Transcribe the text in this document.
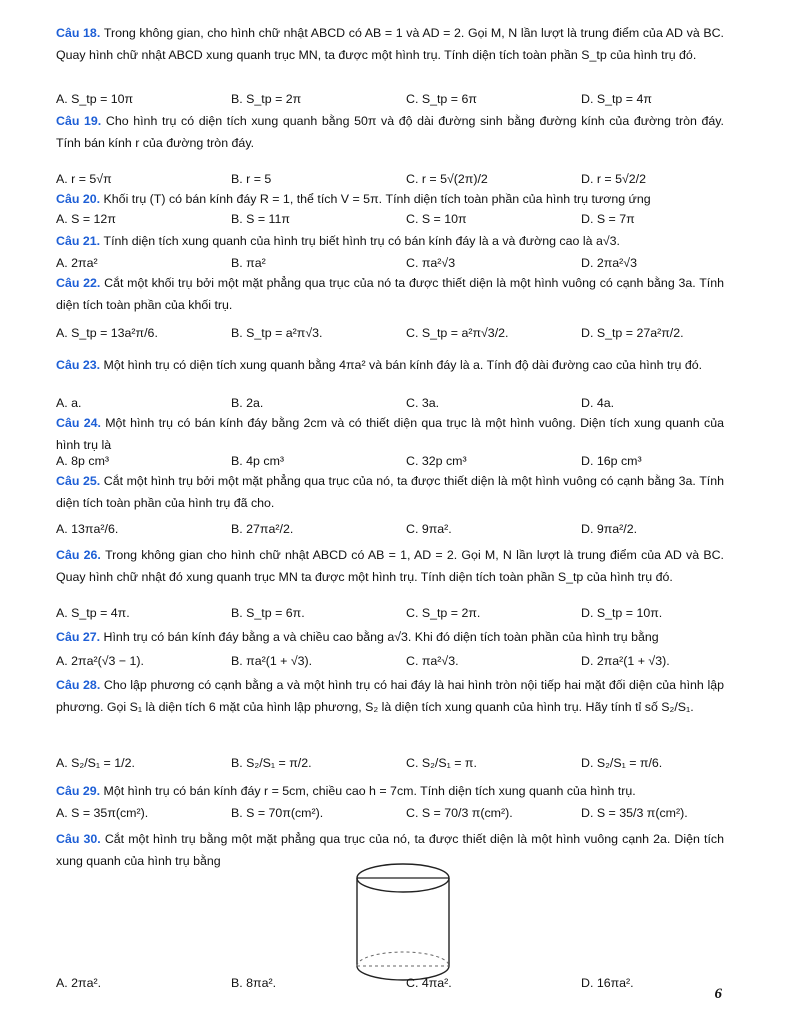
Câu 18. Trong không gian, cho hình chữ nhật ABCD có AB = 1 và AD = 2. Gọi M, N lần lượt là trung điểm của AD và BC. Quay hình chữ nhật ABCD xung quanh trục MN, ta được một hình trụ. Tính diện tích toàn phần S_tp của hình trụ đó.
A. S_tp = 10π	B. S_tp = 2π	C. S_tp = 6π	D. S_tp = 4π
Câu 19. Cho hình trụ có diện tích xung quanh bằng 50π và độ dài đường sinh bằng đường kính của đường tròn đáy. Tính bán kính r của đường tròn đáy.
A. r = 5√π	B. r = 5	C. r = 5√(2π)/2	D. r = 5√2/2
Câu 20. Khối trụ (T) có bán kính đáy R = 1, thể tích V = 5π. Tính diện tích toàn phần của hình trụ tương ứng
A. S = 12π	B. S = 11π	C. S = 10π	D. S = 7π
Câu 21. Tính diện tích xung quanh của hình trụ biết hình trụ có bán kính đáy là a và đường cao là a√3.
A. 2πa²	B. πa²	C. πa²√3	D. 2πa²√3
Câu 22. Cắt một khối trụ bởi một mặt phẳng qua trục của nó ta được thiết diện là một hình vuông có cạnh bằng 3a. Tính diện tích toàn phần của khối trụ.
A. S_tp = 13a²π/6.	B. S_tp = a²π√3.	C. S_tp = a²π√3/2.	D. S_tp = 27a²π/2.
Câu 23. Một hình trụ có diện tích xung quanh bằng 4πa² và bán kính đáy là a. Tính độ dài đường cao của hình trụ đó.
A. a.	B. 2a.	C. 3a.	D. 4a.
Câu 24. Một hình trụ có bán kính đáy bằng 2cm và có thiết diện qua trục là một hình vuông. Diện tích xung quanh của hình trụ là
A. 8p cm³	B. 4p cm³	C. 32p cm³	D. 16p cm³
Câu 25. Cắt một hình trụ bởi một mặt phẳng qua trục của nó, ta được thiết diện là một hình vuông có cạnh bằng 3a. Tính diện tích toàn phần của hình trụ đã cho.
A. 13πa²/6.	B. 27πa²/2.	C. 9πa².	D. 9πa²/2.
Câu 26. Trong không gian cho hình chữ nhật ABCD có AB = 1, AD = 2. Gọi M, N lần lượt là trung điểm của AD và BC. Quay hình chữ nhật đó xung quanh trục MN ta được một hình trụ. Tính diện tích toàn phần S_tp của hình trụ đó.
A. S_tp = 4π.	B. S_tp = 6π.	C. S_tp = 2π.	D. S_tp = 10π.
Câu 27. Hình trụ có bán kính đáy bằng a và chiều cao bằng a√3. Khi đó diện tích toàn phần của hình trụ bằng
A. 2πa²(√3 − 1).	B. πa²(1 + √3).	C. πa²√3.	D. 2πa²(1 + √3).
Câu 28. Cho lập phương có cạnh bằng a và một hình trụ có hai đáy là hai hình tròn nội tiếp hai mặt đối diện của hình lập phương. Gọi S₁ là diện tích 6 mặt của hình lập phương, S₂ là diện tích xung quanh của hình trụ. Hãy tính tỉ số S₂/S₁.
A. S₂/S₁ = 1/2.	B. S₂/S₁ = π/2.	C. S₂/S₁ = π.	D. S₂/S₁ = π/6.
Câu 29. Một hình trụ có bán kính đáy r = 5cm, chiều cao h = 7cm. Tính diện tích xung quanh của hình trụ.
A. S = 35π(cm²).	B. S = 70π(cm²).	C. S = 70/3 π(cm²).	D. S = 35/3 π(cm²).
Câu 30. Cắt một hình trụ bằng một mặt phẳng qua trục của nó, ta được thiết diện là một hình vuông cạnh 2a. Diện tích xung quanh của hình trụ bằng
A. 2πa².	B. 8πa².	C. 4πa².	D. 16πa².
6
